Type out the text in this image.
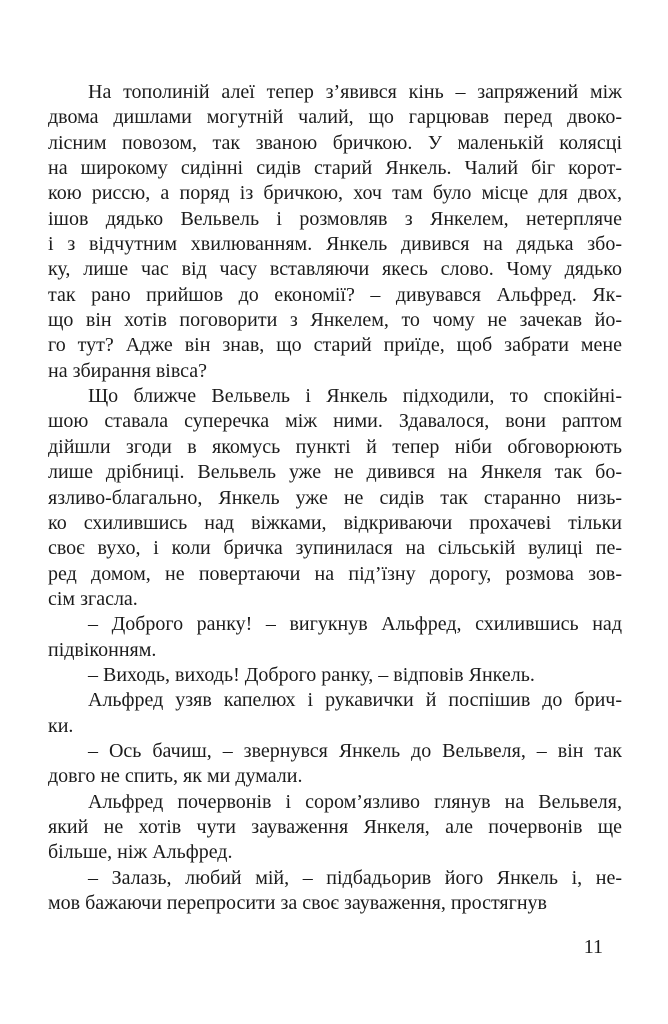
На тополиній алеї тепер з’явився кінь – запряжений між
двома дишлами могутній чалий, що гарцював перед двоко-
лісним повозом, так званою бричкою. У маленькій колясці
на широкому сидінні сидів старий Янкель. Чалий біг корот-
кою риссю, а поряд із бричкою, хоч там було місце для двох,
ішов дядько Вельвель і розмовляв з Янкелем, нетерпляче
і з відчутним хвилюванням. Янкель дивився на дядька збо-
ку, лише час від часу вставляючи якесь слово. Чому дядько
так рано прийшов до економії? – дивувався Альфред. Як-
що він хотів поговорити з Янкелем, то чому не зачекав йо-
го тут? Адже він знав, що старий приїде, щоб забрати мене
на збирання вівса?
Що ближче Вельвель і Янкель підходили, то спокійні-
шою ставала суперечка між ними. Здавалося, вони раптом
дійшли згоди в якомусь пункті й тепер ніби обговорюють
лише дрібниці. Вельвель уже не дивився на Янкеля так бо-
язливо-благально, Янкель уже не сидів так старанно низь-
ко схилившись над віжками, відкриваючи прохачеві тільки
своє вухо, і коли бричка зупинилася на сільській вулиці пе-
ред домом, не повертаючи на під’їзну дорогу, розмова зов-
сім згасла.
– Доброго ранку! – вигукнув Альфред, схилившись над
підвіконням.
– Виходь, виходь! Доброго ранку, – відповів Янкель.
Альфред узяв капелюх і рукавички й поспішив до брич-
ки.
– Ось бачиш, – звернувся Янкель до Вельвеля, – він так
довго не спить, як ми думали.
Альфред почервонів і сором’язливо глянув на Вельвеля,
який не хотів чути зауваження Янкеля, але почервонів ще
більше, ніж Альфред.
– Залазь, любий мій, – підбадьорив його Янкель і, не-
мов бажаючи перепросити за своє зауваження, простягнув
11
